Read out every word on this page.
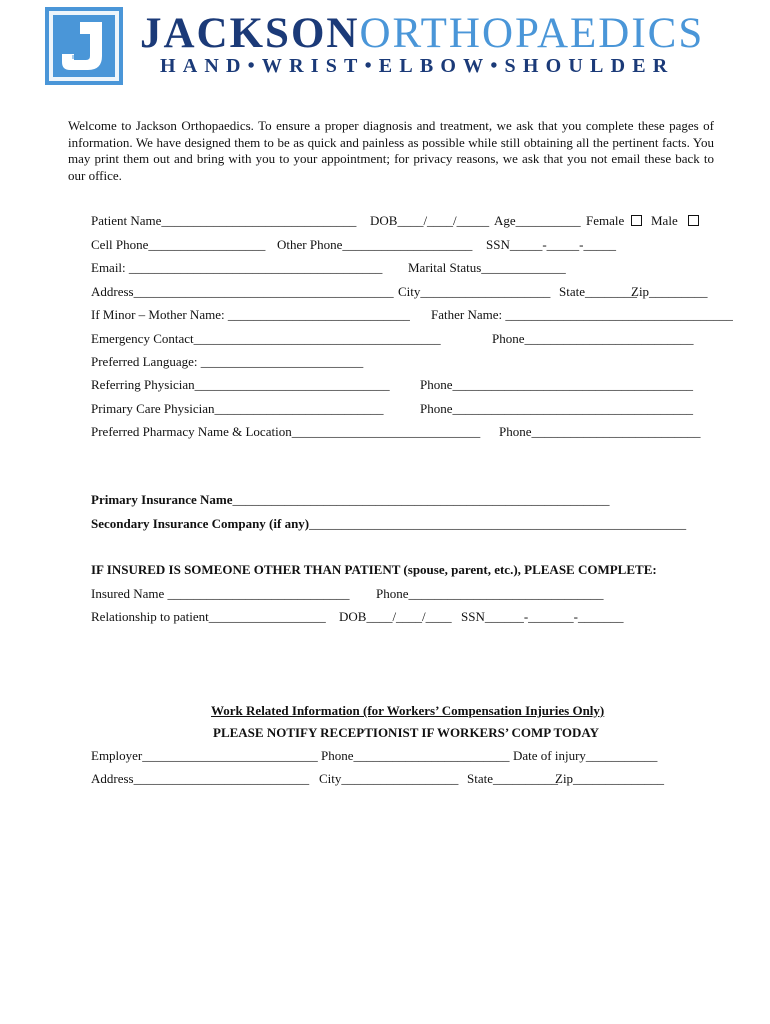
JACKSONORTHOPAEDICS
HAND•WRIST•ELBOW•SHOULDER
Welcome to Jackson Orthopaedics. To ensure a proper diagnosis and treatment, we ask that you complete these pages of information. We have designed them to be as quick and painless as possible while still obtaining all the pertinent facts. You may print them out and bring with you to your appointment; for privacy reasons, we ask that you not email these back to our office.
Patient Name______________________________ DOB____/____/_____ Age__________ Female Male
Cell Phone__________________ Other Phone____________________ SSN_____-_____-_____
Email: _______________________________________ Marital Status_____________
Address________________________________________ City____________________ State________
Zip_________
If Minor – Mother Name: ____________________________ Father Name: ___________________________________
Emergency Contact______________________________________	Phone__________________________
Preferred Language: _________________________
Referring Physician______________________________ Phone_____________________________________
Primary Care Physician__________________________	Phone_____________________________________
Preferred Pharmacy Name & Location_____________________________ Phone__________________________
Primary Insurance Name__________________________________________________________
Secondary Insurance Company (if any)__________________________________________________________
IF INSURED IS SOMEONE OTHER THAN PATIENT (spouse, parent, etc.), PLEASE COMPLETE:
Insured Name ____________________________ Phone______________________________
Relationship to patient__________________ DOB____/____/____ SSN______-_______-_______
Work Related Information (for Workers’ Compensation Injuries Only)
PLEASE NOTIFY RECEPTIONIST IF WORKERS’ COMP TODAY
Employer___________________________ Phone________________________ Date of injury___________
Address___________________________ City__________________ State__________
Zip______________
